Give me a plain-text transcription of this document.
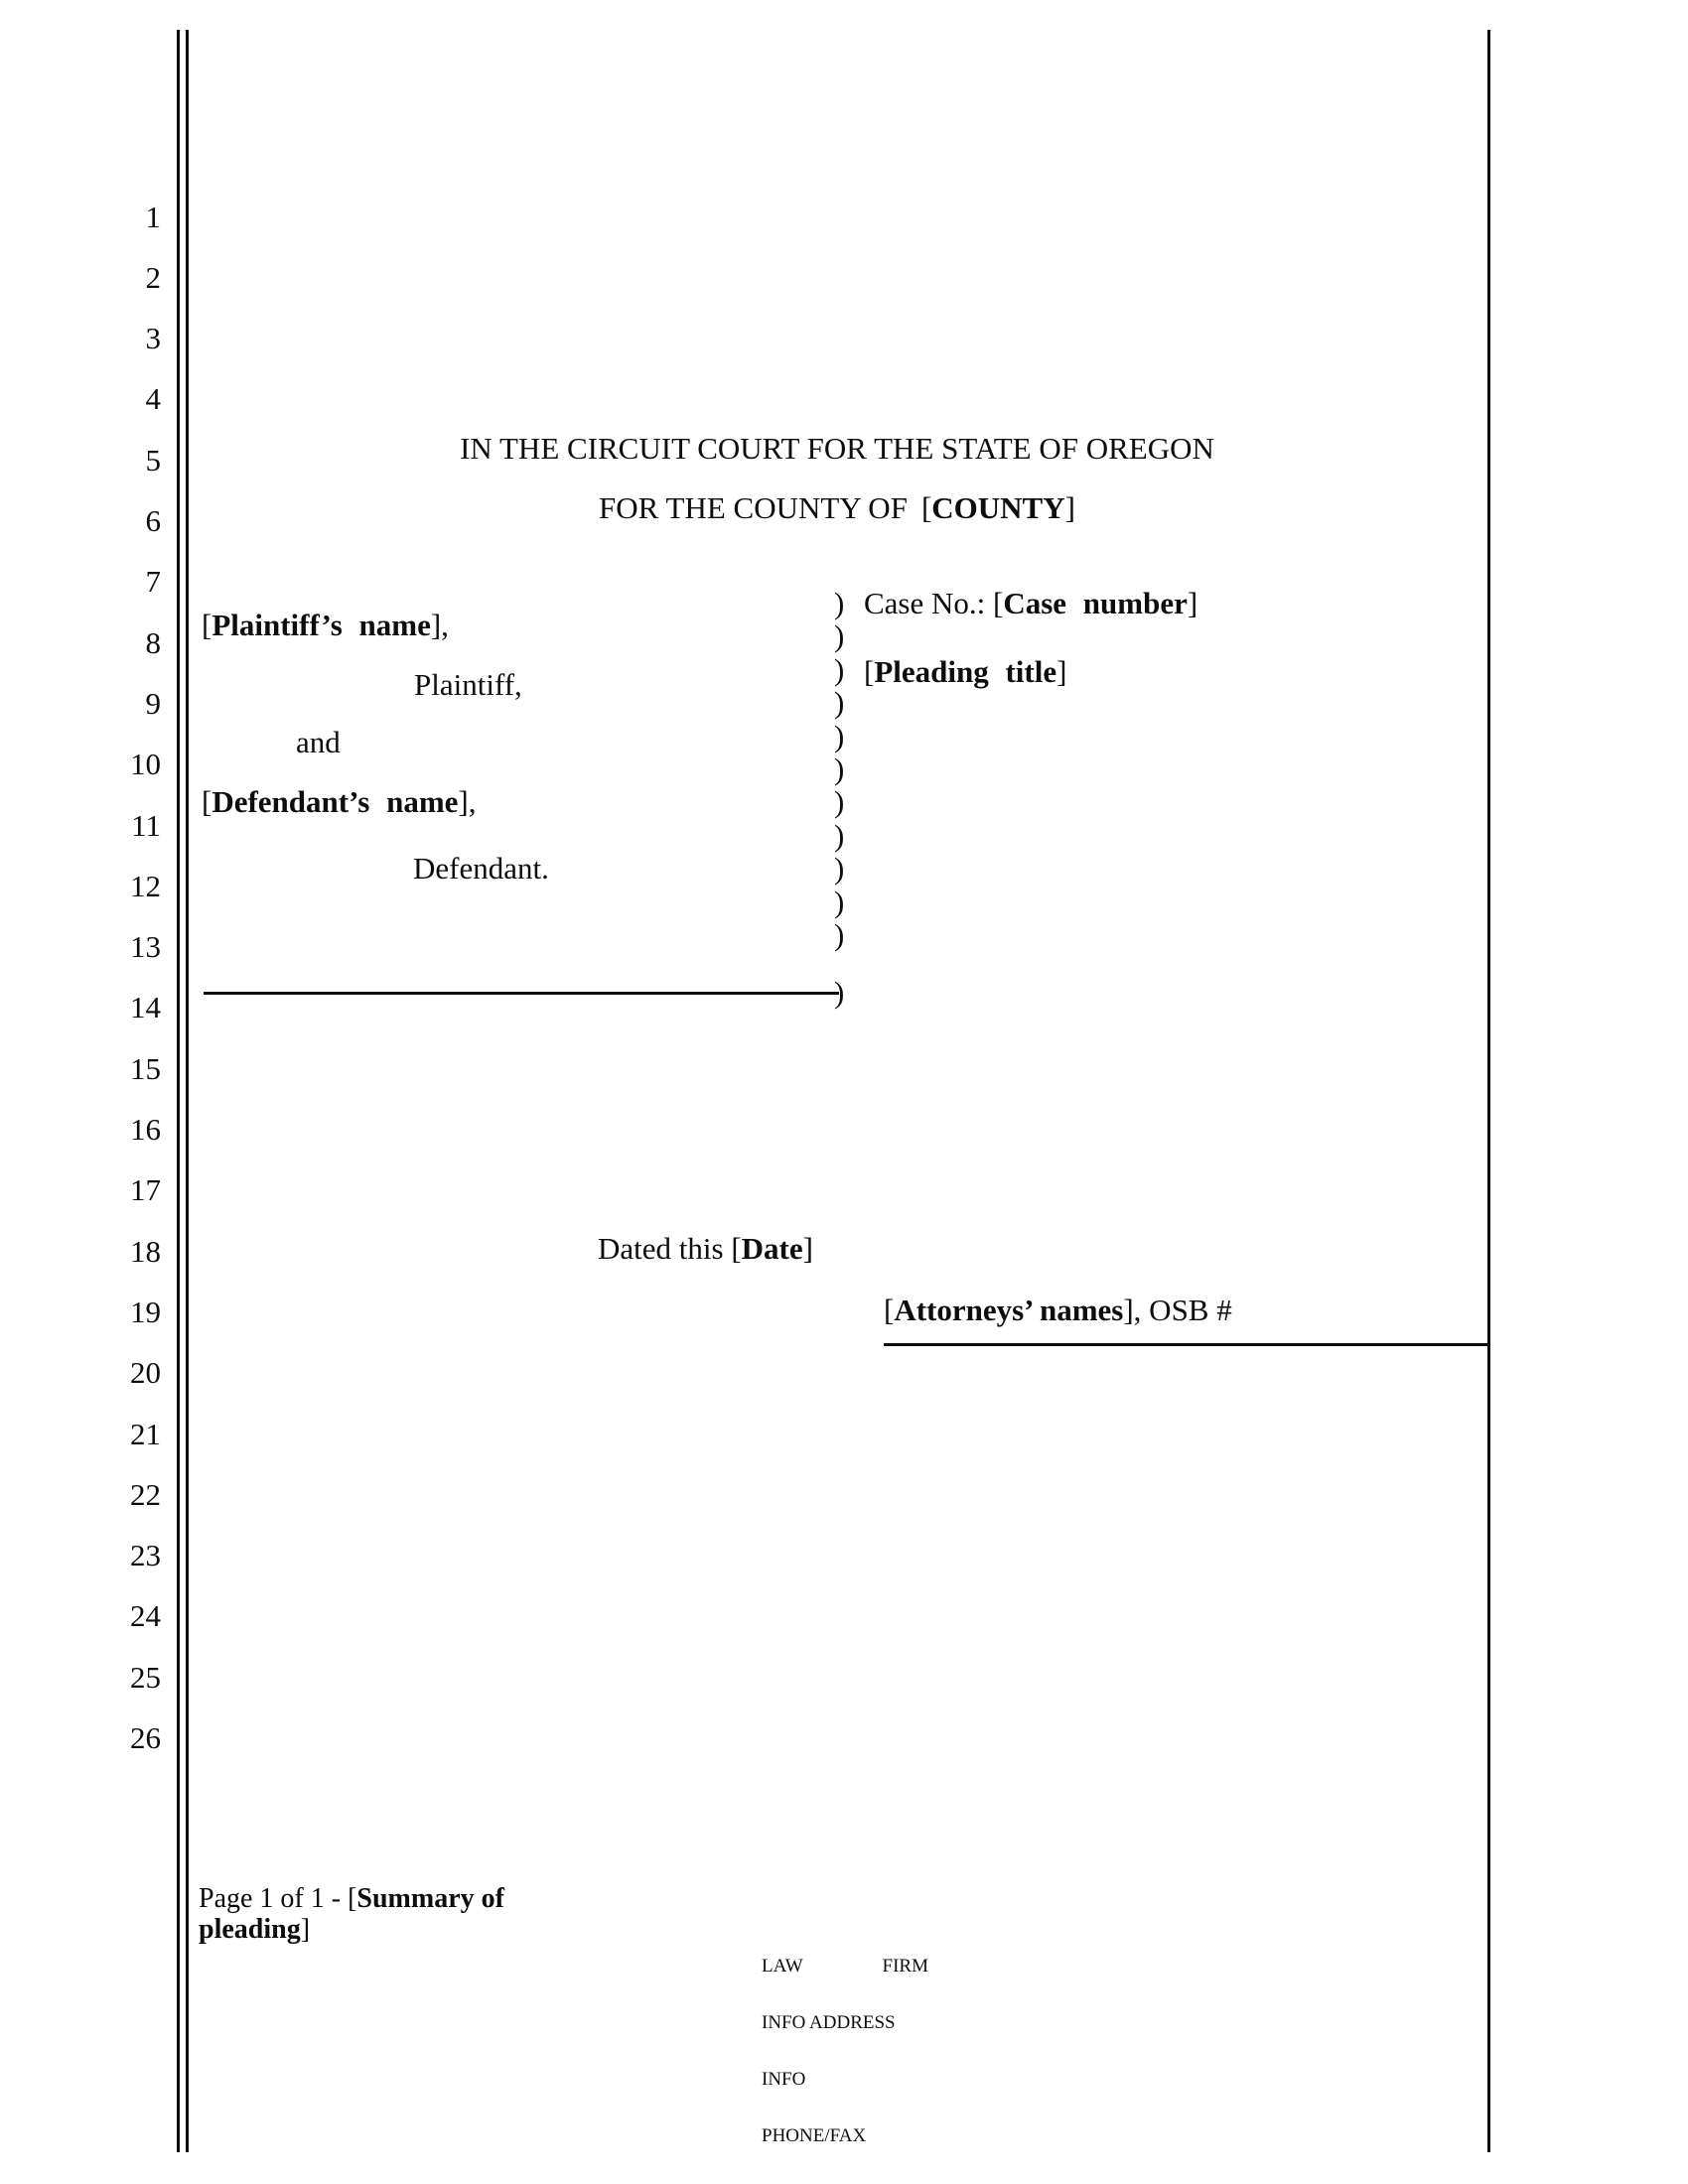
1
2
3
4
5
6
7
8
9
10
11
12
13
14
15
16
17
18
19
20
21
22
23
24
25
26
)
)
)
)
)
)
)
)
)
)
)
IN THE CIRCUIT COURT FOR THE STATE OF OREGON
FOR THE COUNTY OF [COUNTY]
[Plaintiff’s name],
Plaintiff,
and
[Defendant’s name],
Defendant.
)
Case No.: [Case number]
[Pleading title]
Dated this [Date]
[Attorneys’ names], OSB #
Page 1 of 1 - [Summary of
pleading]

LAW	FIRM

INFO ADDRESS

INFO

PHONE/FAX
